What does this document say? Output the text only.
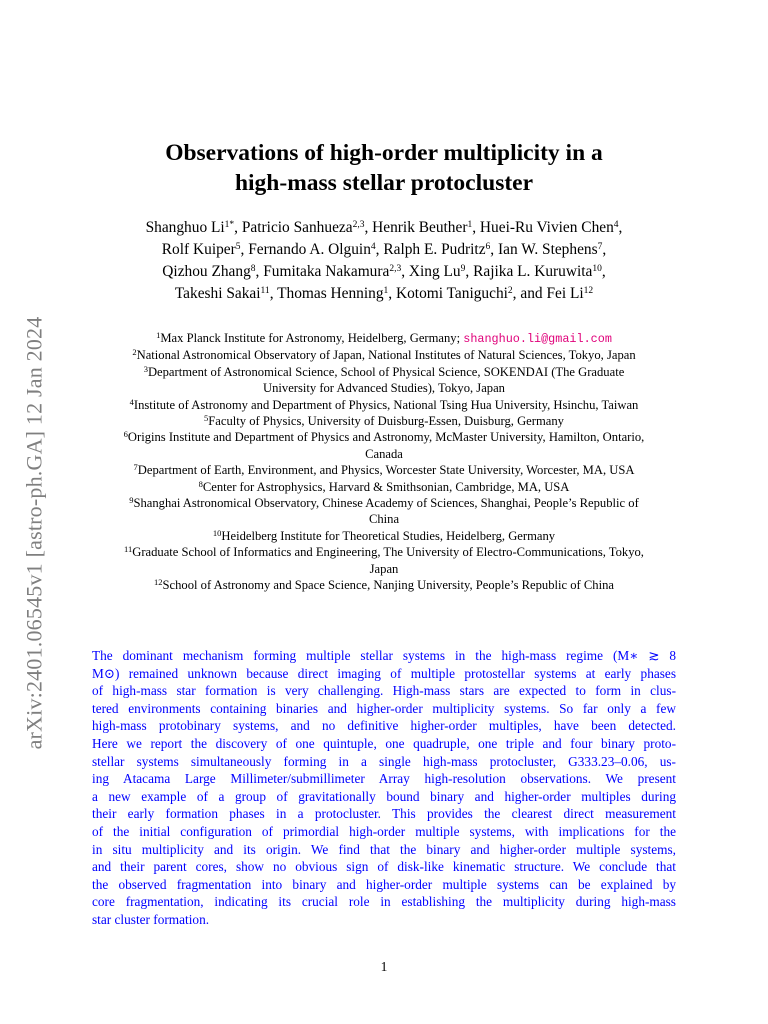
arXiv:2401.06545v1 [astro-ph.GA] 12 Jan 2024
Observations of high-order multiplicity in a
high-mass stellar protocluster
Shanghuo $Li^{1*}$, Patricio Sanhueza$^{2,3}$, Henrik Beuther$^1$, Huei-Ru Vivien Chen$^4$,
Rolf Kuiper$^5$, Fernando A. Olguin$^4$, Ralph E. Pudritz$^6$, Ian W. Stephens$^7$,
Qizhou Zhang$^8$, Fumitaka Nakamura$^{2,3}$, Xing Lu$^9$, Rajika L. Kuruwita$^{10}$,
Takeshi Sakai$^{11}$, Thomas Henning$^1$, Kotomi Taniguchi$^2$, and Fei Li$^{12}$
$^1$Max Planck Institute for Astronomy, Heidelberg, Germany; shanghuo.li@gmail.com
$^2$National Astronomical Observatory of Japan, National Institutes of Natural Sciences, Tokyo, Japan
$^3$Department of Astronomical Science, School of Physical Science, SOKENDAI (The Graduate
University for Advanced Studies), Tokyo, Japan
$^4$Institute of Astronomy and Department of Physics, National Tsing Hua University, Hsinchu, Taiwan
$^5$Faculty of Physics, University of Duisburg-Essen, Duisburg, Germany
$^6$Origins Institute and Department of Physics and Astronomy, McMaster University, Hamilton, Ontario,
Canada
$^7$Department of Earth, Environment, and Physics, Worcester State University, Worcester, MA, USA
$^8$Center for Astrophysics, Harvard & Smithsonian, Cambridge, MA, USA
$^9$Shanghai Astronomical Observatory, Chinese Academy of Sciences, Shanghai, People’s Republic of
China
$^{10}$Heidelberg Institute for Theoretical Studies, Heidelberg, Germany
$^{11}$Graduate School of Informatics and Engineering, The University of Electro-Communications, Tokyo,
Japan
$^{12}$School of Astronomy and Space Science, Nanjing University, People’s Republic of China
The dominant mechanism forming multiple stellar systems in the high-mass regime (M∗ ≳ 8
M⊙) remained unknown because direct imaging of multiple protostellar systems at early phases
of high-mass star formation is very challenging. High-mass stars are expected to form in clus-
tered environments containing binaries and higher-order multiplicity systems. So far only a few
high-mass protobinary systems, and no definitive higher-order multiples, have been detected.
Here we report the discovery of one quintuple, one quadruple, one triple and four binary proto-
stellar systems simultaneously forming in a single high-mass protocluster, G333.23–0.06, us-
ing Atacama Large Millimeter/submillimeter Array high-resolution observations. We present
a new example of a group of gravitationally bound binary and higher-order multiples during
their early formation phases in a protocluster. This provides the clearest direct measurement
of the initial configuration of primordial high-order multiple systems, with implications for the
in situ multiplicity and its origin. We find that the binary and higher-order multiple systems,
and their parent cores, show no obvious sign of disk-like kinematic structure. We conclude that
the observed fragmentation into binary and higher-order multiple systems can be explained by
core fragmentation, indicating its crucial role in establishing the multiplicity during high-mass
star cluster formation.
1
